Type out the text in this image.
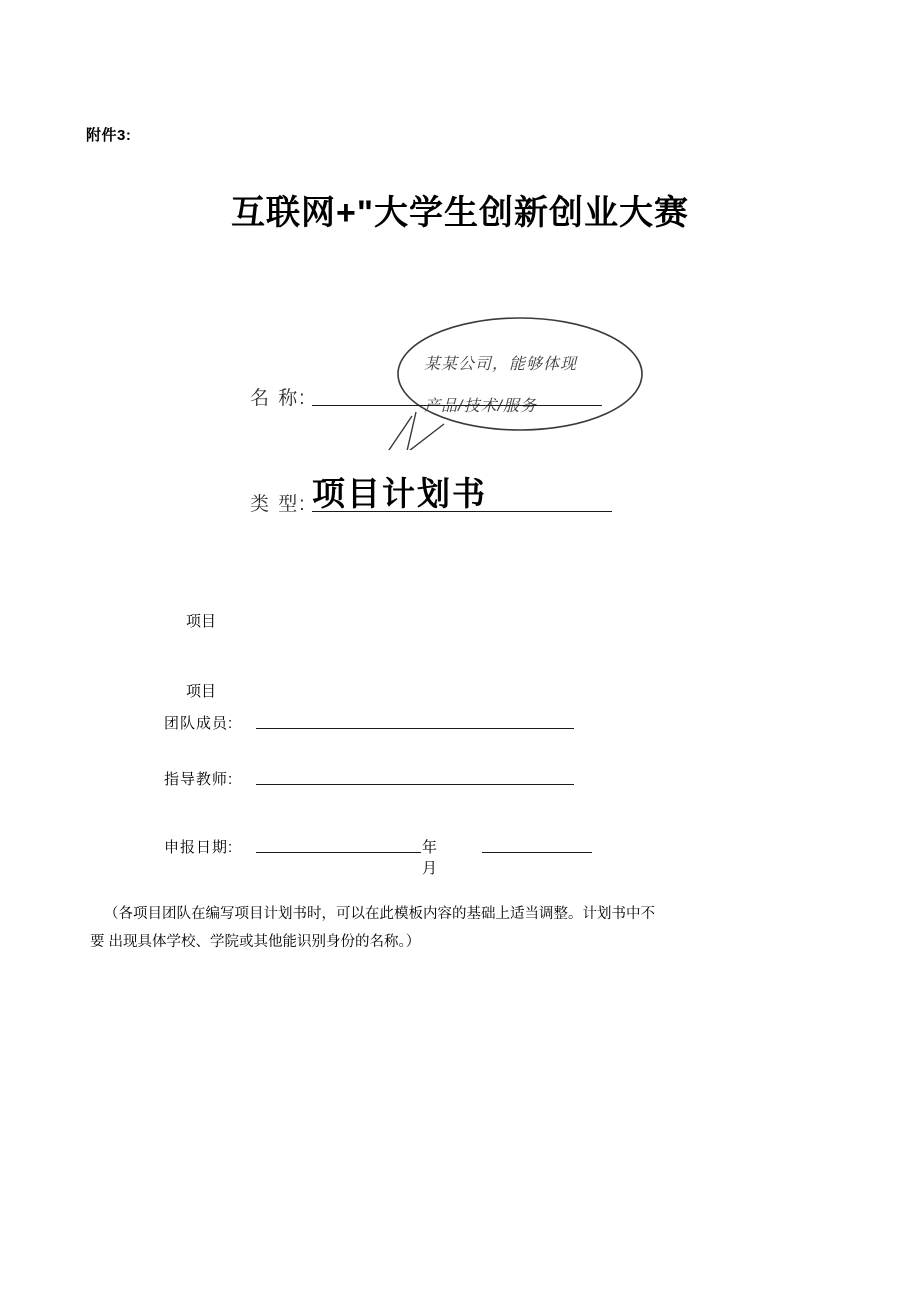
附件3:
互联网+"大学生创新创业大赛
某某公司，能够体现
产品/技术/服务
名 称:
类 型: 项目计划书
项目
项目
团队成员:
指导教师:
申报日期:	年 月
（各项目团队在编写项目计划书时，可以在此模板内容的基础上适当调整。计划书中不
要 出现具体学校、学院或其他能识别身份的名称。）
